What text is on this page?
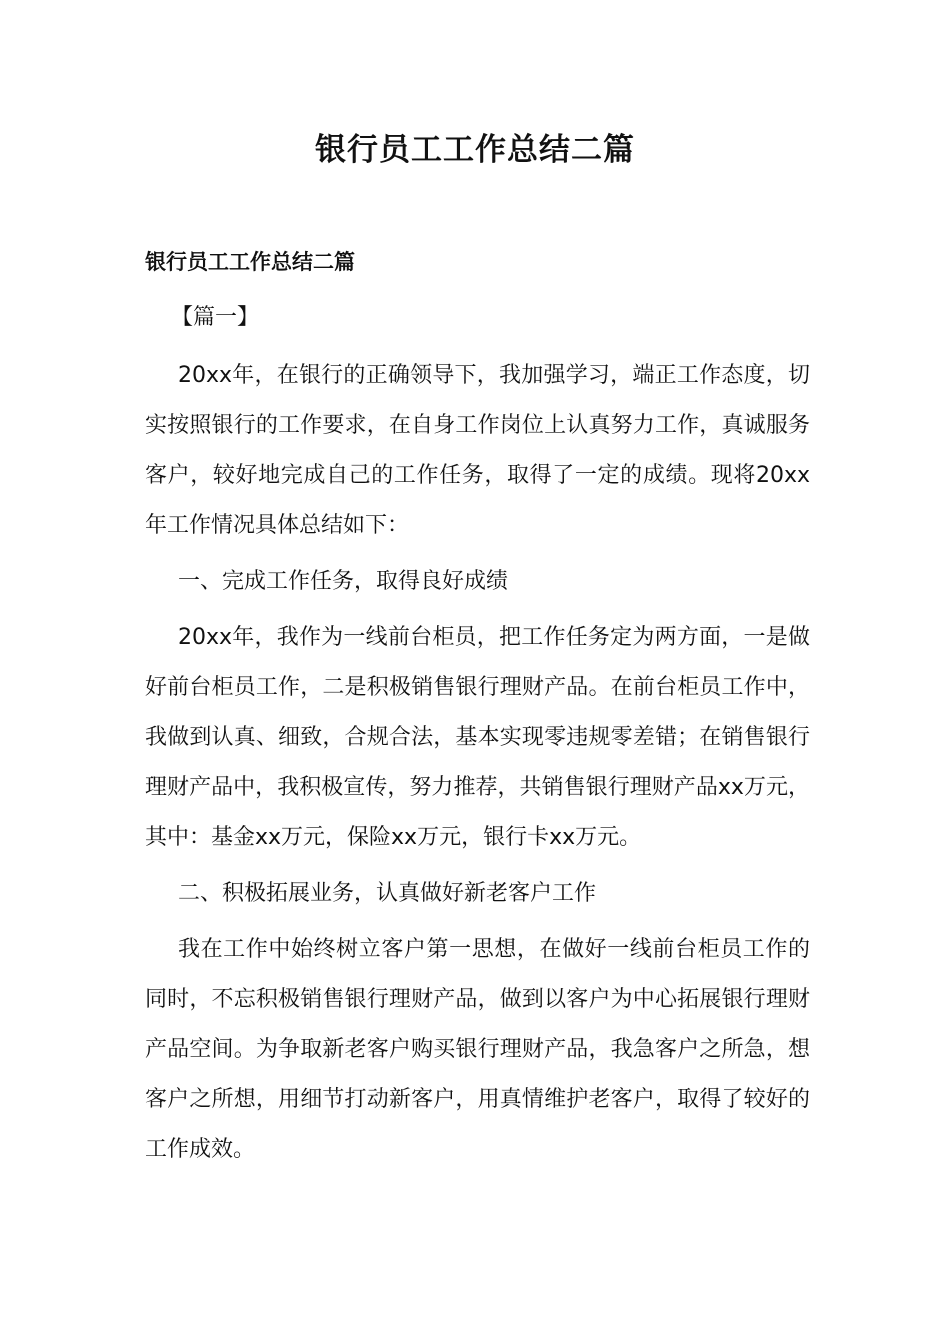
银行员工工作总结二篇

银行员工工作总结二篇

【篇一】

20xx年，在银行的正确领导下，我加强学习，端正工作态度，切实按照银行的工作要求，在自身工作岗位上认真努力工作，真诚服务客户，较好地完成自己的工作任务，取得了一定的成绩。现将20xx年工作情况具体总结如下：

一、完成工作任务，取得良好成绩

20xx年，我作为一线前台柜员，把工作任务定为两方面，一是做好前台柜员工作，二是积极销售银行理财产品。在前台柜员工作中，我做到认真、细致，合规合法，基本实现零违规零差错；在销售银行理财产品中，我积极宣传，努力推荐，共销售银行理财产品xx万元，其中：基金xx万元，保险xx万元，银行卡xx万元。

二、积极拓展业务，认真做好新老客户工作

我在工作中始终树立客户第一思想，在做好一线前台柜员工作的同时，不忘积极销售银行理财产品，做到以客户为中心拓展银行理财产品空间。为争取新老客户购买银行理财产品，我急客户之所急，想客户之所想，用细节打动新客户，用真情维护老客户，取得了较好的工作成效。
